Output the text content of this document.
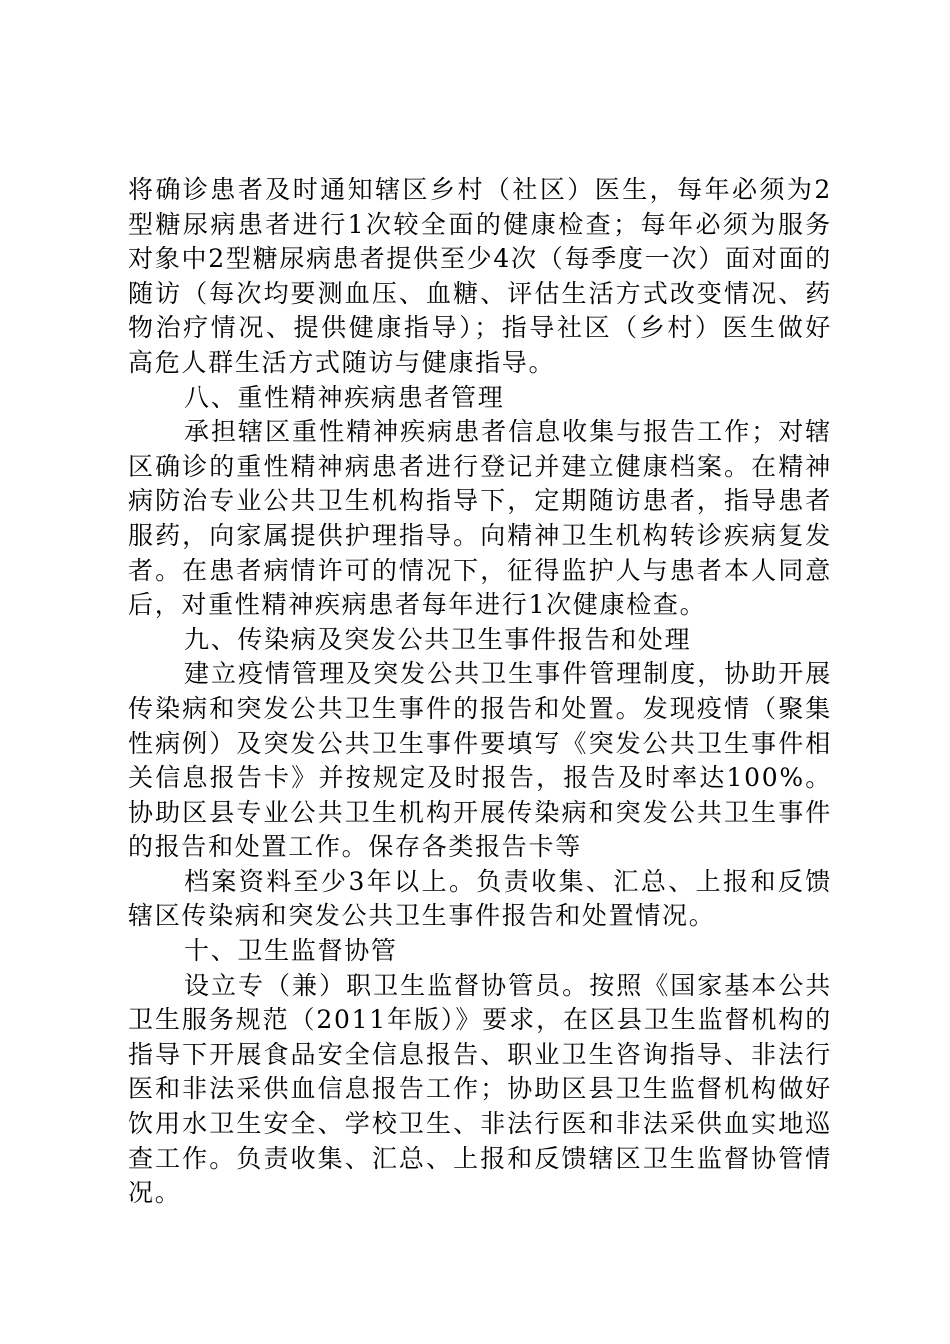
将确诊患者及时通知辖区乡村（社区）医生，每年必须为2型糖尿病患者进行1次较全面的健康检查；每年必须为服务对象中2型糖尿病患者提供至少4次（每季度一次）面对面的随访（每次均要测血压、血糖、评估生活方式改变情况、药物治疗情况、提供健康指导）；指导社区（乡村）医生做好高危人群生活方式随访与健康指导。

八、重性精神疾病患者管理

承担辖区重性精神疾病患者信息收集与报告工作；对辖区确诊的重性精神病患者进行登记并建立健康档案。在精神病防治专业公共卫生机构指导下，定期随访患者，指导患者服药，向家属提供护理指导。向精神卫生机构转诊疾病复发者。在患者病情许可的情况下，征得监护人与患者本人同意后，对重性精神疾病患者每年进行1次健康检查。

九、传染病及突发公共卫生事件报告和处理

建立疫情管理及突发公共卫生事件管理制度，协助开展传染病和突发公共卫生事件的报告和处置。发现疫情（聚集性病例）及突发公共卫生事件要填写《突发公共卫生事件相关信息报告卡》并按规定及时报告，报告及时率达100%。协助区县专业公共卫生机构开展传染病和突发公共卫生事件的报告和处置工作。保存各类报告卡等

档案资料至少3年以上。负责收集、汇总、上报和反馈辖区传染病和突发公共卫生事件报告和处置情况。

十、卫生监督协管

设立专（兼）职卫生监督协管员。按照《国家基本公共卫生服务规范（2011年版）》要求，在区县卫生监督机构的指导下开展食品安全信息报告、职业卫生咨询指导、非法行医和非法采供血信息报告工作；协助区县卫生监督机构做好饮用水卫生安全、学校卫生、非法行医和非法采供血实地巡查工作。负责收集、汇总、上报和反馈辖区卫生监督协管情况。
